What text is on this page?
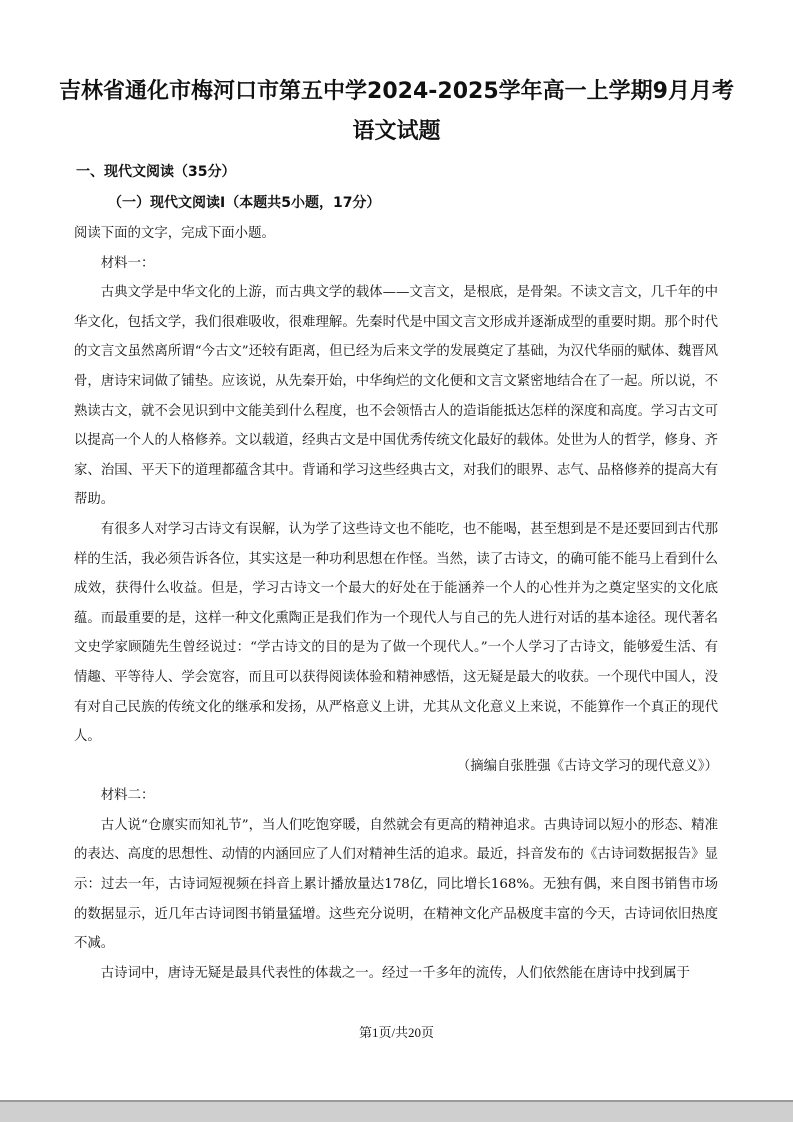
吉林省通化市梅河口市第五中学2024-2025学年高一上学期9月月考
语文试题
一、现代文阅读（35分）
（一）现代文阅读Ⅰ（本题共5小题，17分）

阅读下面的文字，完成下面小题。

材料一：

古典文学是中华文化的上游，而古典文学的载体——文言文，是根底，是骨架。不读文言文，几千年的中华文化，包括文学，我们很难吸收，很难理解。先秦时代是中国文言文形成并逐渐成型的重要时期。那个时代的文言文虽然离所谓“今古文”还较有距离，但已经为后来文学的发展奠定了基础，为汉代华丽的赋体、魏晋风骨，唐诗宋词做了铺垫。应该说，从先秦开始，中华绚烂的文化便和文言文紧密地结合在了一起。所以说，不熟读古文，就不会见识到中文能美到什么程度，也不会领悟古人的造诣能抵达怎样的深度和高度。学习古文可以提高一个人的人格修养。文以载道，经典古文是中国优秀传统文化最好的载体。处世为人的哲学，修身、齐家、治国、平天下的道理都蕴含其中。背诵和学习这些经典古文，对我们的眼界、志气、品格修养的提高大有帮助。

有很多人对学习古诗文有误解，认为学了这些诗文也不能吃，也不能喝，甚至想到是不是还要回到古代那样的生活，我必须告诉各位，其实这是一种功利思想在作怪。当然，读了古诗文，的确可能不能马上看到什么成效，获得什么收益。但是，学习古诗文一个最大的好处在于能涵养一个人的心性并为之奠定坚实的文化底蕴。而最重要的是，这样一种文化熏陶正是我们作为一个现代人与自己的先人进行对话的基本途径。现代著名文史学家顾随先生曾经说过：“学古诗文的目的是为了做一个现代人。”一个人学习了古诗文，能够爱生活、有情趣、平等待人、学会宽容，而且可以获得阅读体验和精神感悟，这无疑是最大的收获。一个现代中国人，没有对自己民族的传统文化的继承和发扬，从严格意义上讲，尤其从文化意义上来说，不能算作一个真正的现代人。

（摘编自张胜强《古诗文学习的现代意义》）

材料二：

古人说“仓廪实而知礼节”，当人们吃饱穿暖，自然就会有更高的精神追求。古典诗词以短小的形态、精准的表达、高度的思想性、动情的内涵回应了人们对精神生活的追求。最近，抖音发布的《古诗词数据报告》显示：过去一年，古诗词短视频在抖音上累计播放量达178亿，同比增长168%。无独有偶，来自图书销售市场的数据显示，近几年古诗词图书销量猛增。这些充分说明，在精神文化产品极度丰富的今天，古诗词依旧热度不减。

古诗词中，唐诗无疑是最具代表性的体裁之一。经过一千多年的流传，人们依然能在唐诗中找到属于

第1页/共20页
